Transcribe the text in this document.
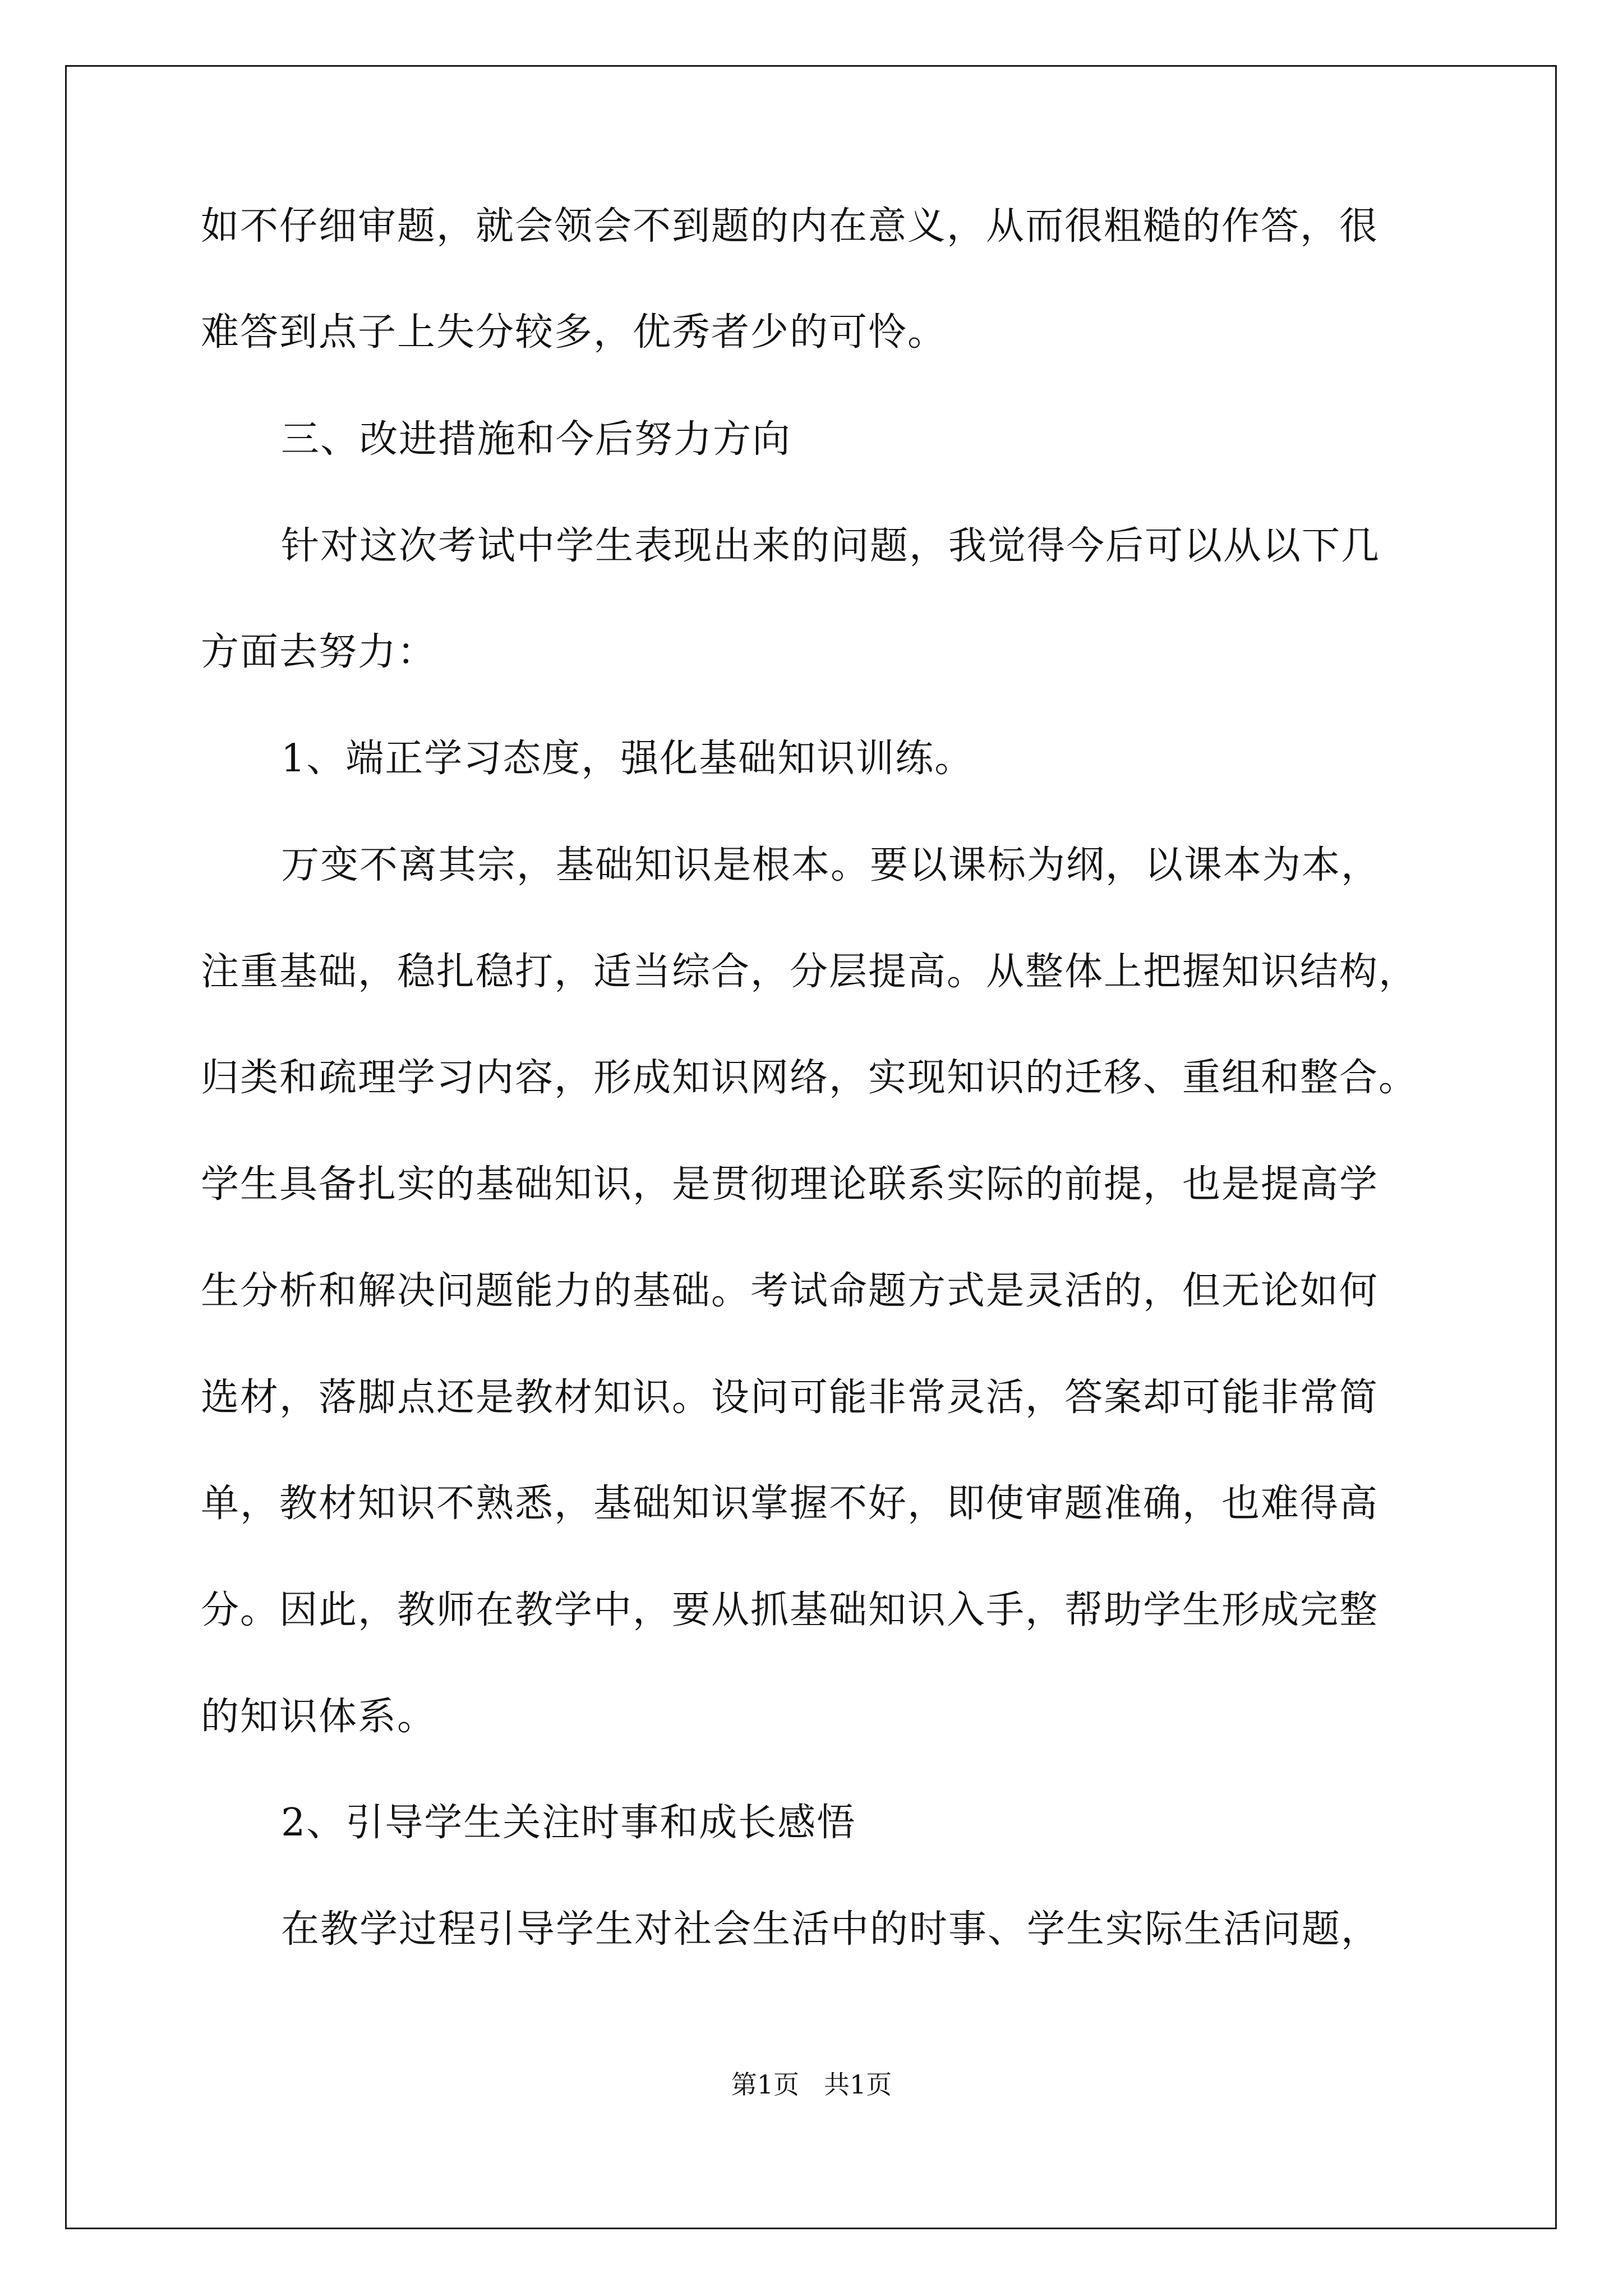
如不仔细审题，就会领会不到题的内在意义，从而很粗糙的作答，很
难答到点子上失分较多，优秀者少的可怜。
三、改进措施和今后努力方向
针对这次考试中学生表现出来的问题，我觉得今后可以从以下几
方面去努力：
1、端正学习态度，强化基础知识训练。
万变不离其宗，基础知识是根本。要以课标为纲，以课本为本，
注重基础，稳扎稳打，适当综合，分层提高。从整体上把握知识结构，
归类和疏理学习内容，形成知识网络，实现知识的迁移、重组和整合。
学生具备扎实的基础知识，是贯彻理论联系实际的前提，也是提高学
生分析和解决问题能力的基础。考试命题方式是灵活的，但无论如何
选材，落脚点还是教材知识。设问可能非常灵活，答案却可能非常简
单，教材知识不熟悉，基础知识掌握不好，即使审题准确，也难得高
分。因此，教师在教学中，要从抓基础知识入手，帮助学生形成完整
的知识体系。
2、引导学生关注时事和成长感悟
在教学过程引导学生对社会生活中的时事、学生实际生活问题，
第1页 共1页
